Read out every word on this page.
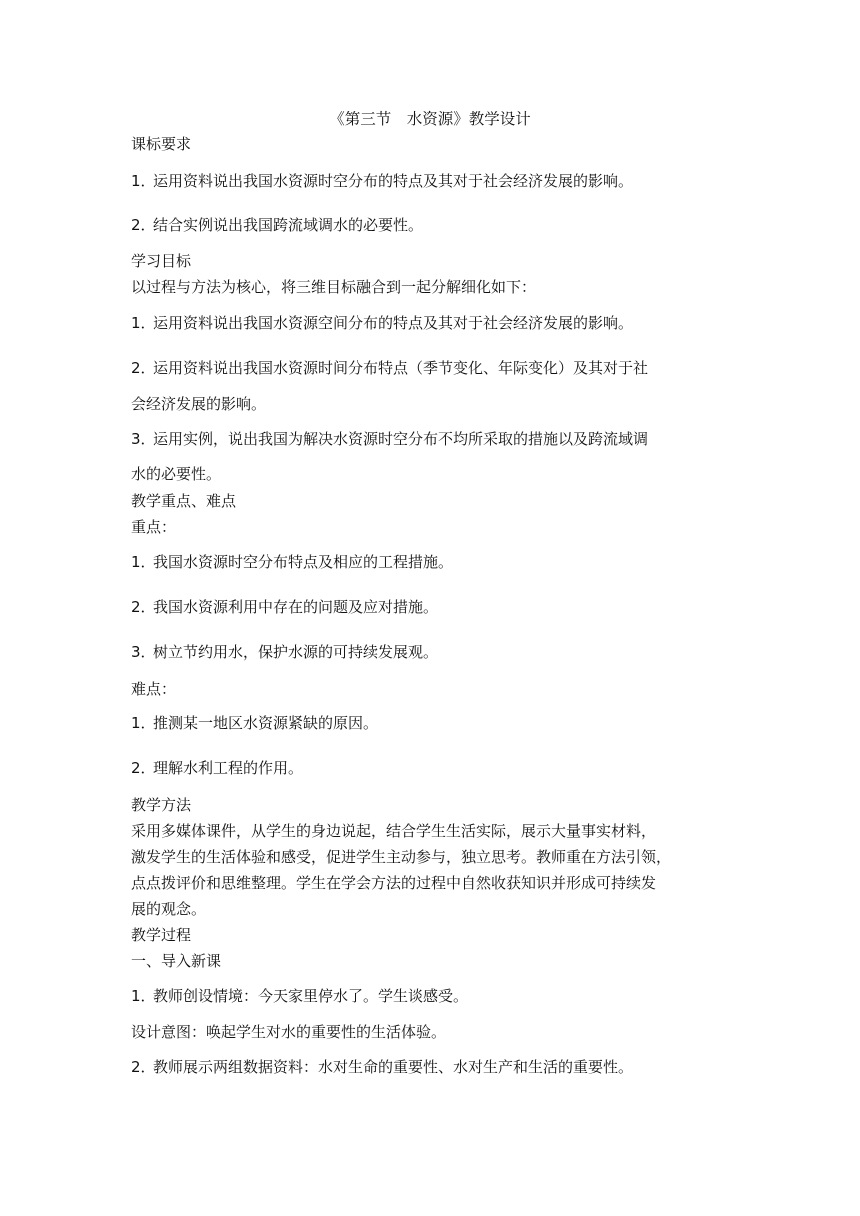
《第三节　水资源》教学设计
课标要求
1．运用资料说出我国水资源时空分布的特点及其对于社会经济发展的影响。
2．结合实例说出我国跨流域调水的必要性。
学习目标
以过程与方法为核心，将三维目标融合到一起分解细化如下：
1．运用资料说出我国水资源空间分布的特点及其对于社会经济发展的影响。
2．运用资料说出我国水资源时间分布特点（季节变化、年际变化）及其对于社
会经济发展的影响。
3．运用实例，说出我国为解决水资源时空分布不均所采取的措施以及跨流域调
水的必要性。
教学重点、难点
重点：
1．我国水资源时空分布特点及相应的工程措施。
2．我国水资源利用中存在的问题及应对措施。
3．树立节约用水，保护水源的可持续发展观。
难点：
1．推测某一地区水资源紧缺的原因。
2．理解水利工程的作用。
教学方法
采用多媒体课件，从学生的身边说起，结合学生生活实际，展示大量事实材料，
激发学生的生活体验和感受，促进学生主动参与，独立思考。教师重在方法引领，
点点拨评价和思维整理。学生在学会方法的过程中自然收获知识并形成可持续发
展的观念。
教学过程
一、导入新课
1．教师创设情境：今天家里停水了。学生谈感受。
设计意图：唤起学生对水的重要性的生活体验。
2．教师展示两组数据资料：水对生命的重要性、水对生产和生活的重要性。
